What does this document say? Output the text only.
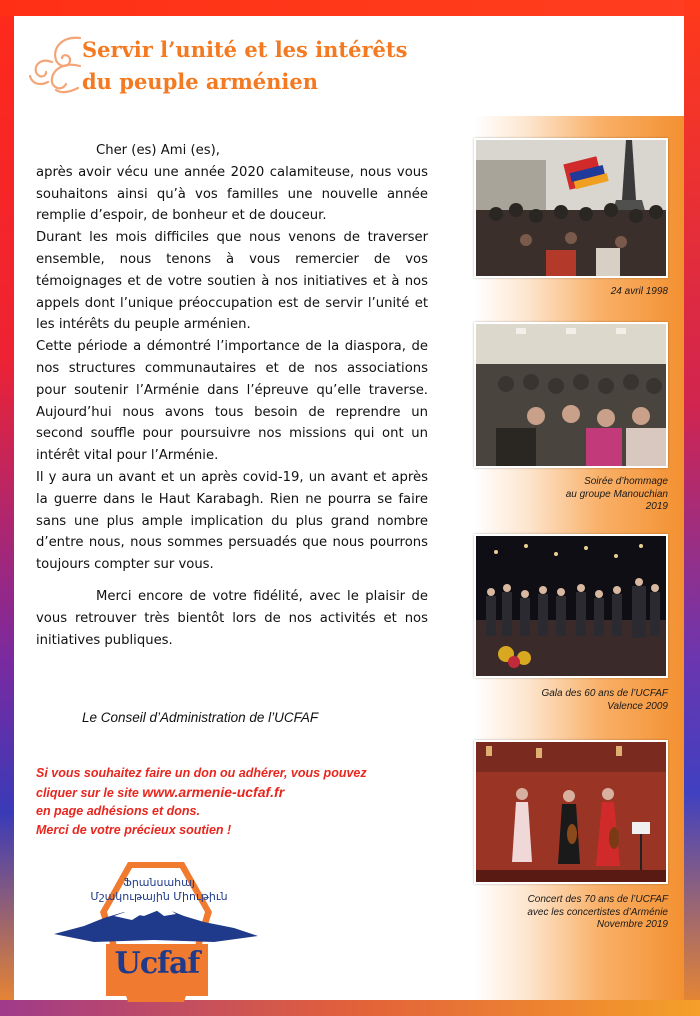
Servir l’unité et les intérêts
du peuple arménien

Cher (es) Ami (es),

après avoir vécu une année 2020 calamiteuse, nous vous souhaitons ainsi qu’à vos familles une nouvelle année remplie d’espoir, de bonheur et de douceur.

Durant les mois difficiles que nous venons de traverser ensemble, nous tenons à vous remercier de vos témoignages et de votre soutien à nos initiatives et à nos appels dont l’unique préoccupation est de servir l’unité et les intérêts du peuple arménien.

Cette période a démontré l’importance de la diaspora, de nos structures communautaires et de nos associations pour soutenir l’Arménie dans l’épreuve qu’elle traverse. Aujourd’hui nous avons tous besoin de reprendre un second souffle pour poursuivre nos missions qui ont un intérêt vital pour l’Arménie.

Il y aura un avant et un après covid-19, un avant et après la guerre dans le Haut Karabagh. Rien ne pourra se faire sans une plus ample implication du plus grand nombre d’entre nous, nous sommes persuadés que nous pourrons toujours compter sur vous.

Merci encore de votre fidélité, avec le plaisir de vous retrouver très bientôt lors de nos activités et nos initiatives publiques.

Le Conseil d’Administration de l’UCFAF
Si vous souhaitez faire un don ou adhérer, vous pouvez
cliquer sur le site www.armenie-ucfaf.fr
en page adhésions et dons.
Merci de votre précieux soutien !
Ֆրանսահայ
Մշակութային Միութիւն
Ucfaf
24 avril 1998
Soirée d’hommage
au groupe Manouchian
2019
Gala des 60 ans de l’UCFAF
Valence 2009
Concert des 70 ans de l’UCFAF
avec les concertistes d’Arménie
Novembre 2019
